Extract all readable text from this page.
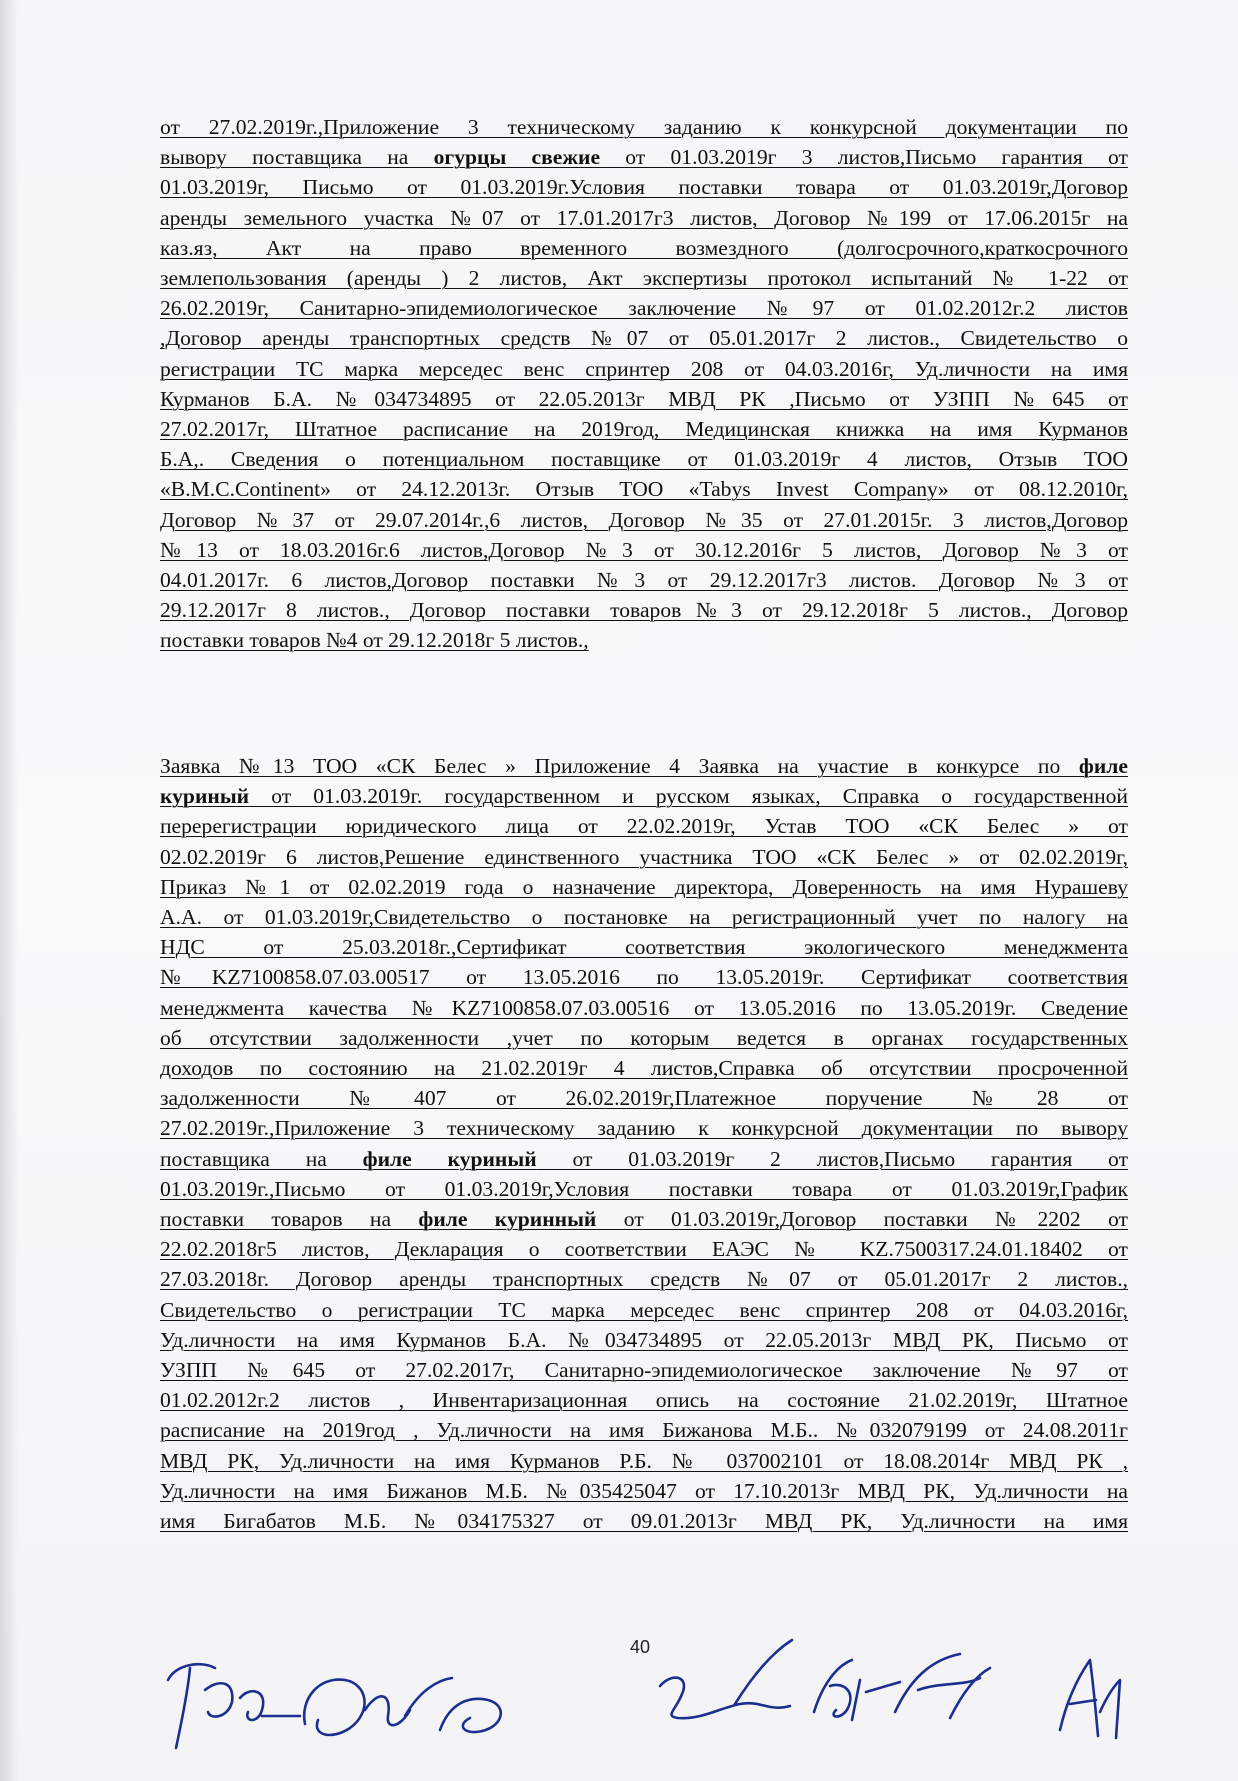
от 27.02.2019г.,Приложение 3 техническому заданию к конкурсной документации по
вывору поставщика на огурцы свежие от 01.03.2019г 3 листов,Письмо гарантия от
01.03.2019г, Письмо от 01.03.2019г.Условия поставки товара от 01.03.2019г,Договор
аренды земельного участка №07 от 17.01.2017г3 листов, Договор №199 от 17.06.2015г на
каз.яз, Акт на право временного возмездного (долгосрочного,краткосрочного
землепользования (аренды ) 2 листов, Акт экспертизы протокол испытаний № 1-22 от
26.02.2019г, Санитарно-эпидемиологическое заключение №97 от 01.02.2012г.2 листов
,Договор аренды транспортных средств №07 от 05.01.2017г 2 листов., Свидетельство о
регистрации ТС марка мерседес венс спринтер 208 от 04.03.2016г, Уд.личности на имя
Курманов Б.А. №034734895 от 22.05.2013г МВД РК ,Письмо от УЗПП №645 от
27.02.2017г, Штатное расписание на 2019год, Медицинская книжка на имя Курманов
Б.А,. Сведения о потенциальном поставщике от 01.03.2019г 4 листов, Отзыв ТОО
«B.M.C.Continent» от 24.12.2013г. Отзыв ТОО «Tabys Invest Company» от 08.12.2010г,
Договор №37 от 29.07.2014г.,6 листов, Договор №35 от 27.01.2015г. 3 листов,Договор
№13 от 18.03.2016г.6 листов,Договор №3 от 30.12.2016г 5 листов, Договор №3 от
04.01.2017г. 6 листов,Договор поставки №3 от 29.12.2017г3 листов. Договор №3 от
29.12.2017г 8 листов., Договор поставки товаров№3 от 29.12.2018г 5 листов., Договор
поставки товаров №4 от 29.12.2018г 5 листов.,
Заявка №13 ТОО «СК Белес » Приложение 4 Заявка на участие в конкурсе по филе
куриный от 01.03.2019г. государственном и русском языках, Справка о государственной
перерегистрации юридического лица от 22.02.2019г, Устав ТОО «СК Белес » от
02.02.2019г 6 листов,Решение единственного участника ТОО «СК Белес » от 02.02.2019г,
Приказ №1 от 02.02.2019 года о назначение директора, Доверенность на имя Нурашеву
А.А. от 01.03.2019г,Свидетельство о постановке на регистрационный учет по налогу на
НДС от 25.03.2018г.,Сертификат соответствия экологического менеджмента
№KZ7100858.07.03.00517 от 13.05.2016 по 13.05.2019г. Сертификат соответствия
менеджмента качества №KZ7100858.07.03.00516 от 13.05.2016 по 13.05.2019г. Сведение
об отсутствии задолженности ,учет по которым ведется в органах государственных
доходов по состоянию на 21.02.2019г 4 листов,Справка об отсутствии просроченной
задолженности №407 от 26.02.2019г,Платежное поручение №28 от
27.02.2019г.,Приложение 3 техническому заданию к конкурсной документации по вывору
поставщика на филе куриный от 01.03.2019г 2 листов,Письмо гарантия от
01.03.2019г.,Письмо от 01.03.2019г,Условия поставки товара от 01.03.2019г,График
поставки товаров на филе куринный от 01.03.2019г,Договор поставки №2202 от
22.02.2018г5 листов, Декларация о соответствии ЕАЭС № KZ.7500317.24.01.18402 от
27.03.2018г. Договор аренды транспортных средств №07 от 05.01.2017г 2 листов.,
Свидетельство о регистрации ТС марка мерседес венс спринтер 208 от 04.03.2016г,
Уд.личности на имя Курманов Б.А. №034734895 от 22.05.2013г МВД РК, Письмо от
УЗПП №645 от 27.02.2017г, Санитарно-эпидемиологическое заключение №97 от
01.02.2012г.2 листов , Инвентаризационная опись на состояние 21.02.2019г, Штатное
расписание на 2019год , Уд.личности на имя Бижанова М.Б.. №032079199 от 24.08.2011г
МВД РК, Уд.личности на имя Курманов Р.Б. № 037002101 от 18.08.2014г МВД РК ,
Уд.личности на имя Бижанов М.Б. №035425047 от 17.10.2013г МВД РК, Уд.личности на
имя Бигабатов М.Б. №034175327 от 09.01.2013г МВД РК, Уд.личности на имя
40
